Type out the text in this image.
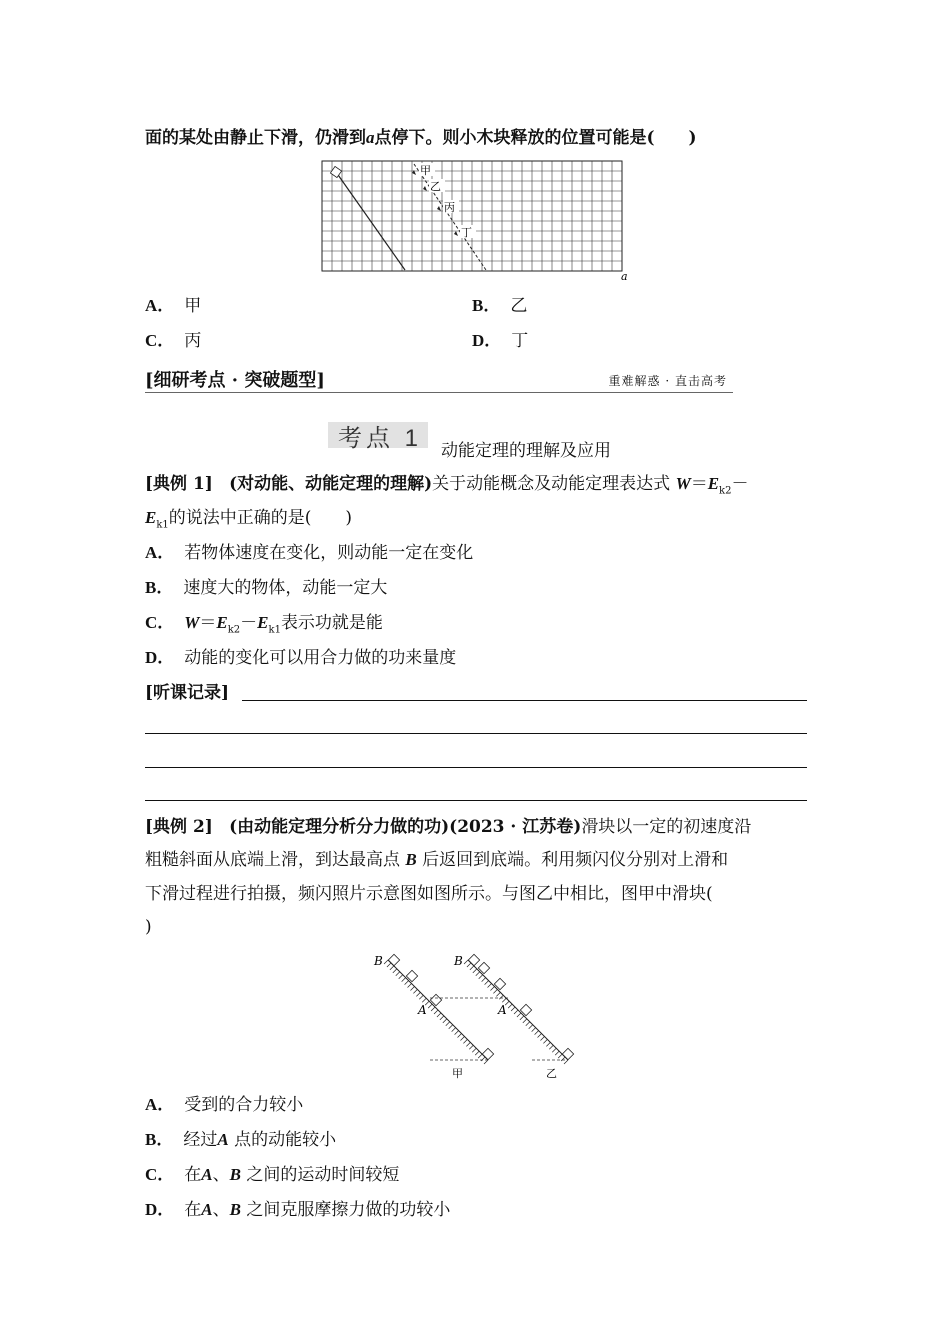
面的某处由静止下滑，仍滑到a点停下。则小木块释放的位置可能是(　　)
甲
乙
丙
丁
a
A． 甲	B． 乙
C． 丙	D． 丁
[细研考点 · 突破题型]	重难解惑 · 直击高考
考点 1 动能定理的理解及应用
[典例 1] (对动能、动能定理的理解)关于动能概念及动能定理表达式 $W=E_{k2}-$
$E_{k1}$的说法中正确的是(　　)
A． 若物体速度在变化，则动能一定在变化
B． 速度大的物体，动能一定大
C． $W=E_{k2}-E_{k1}$表示功就是能
D． 动能的变化可以用合力做的功来量度
[听课记录]
[典例 2] (由动能定理分析分力做的功)(2023 · 江苏卷)滑块以一定的初速度沿
粗糙斜面从底端上滑，到达最高点 B 后返回到底端。利用频闪仪分别对上滑和
下滑过程进行拍摄，频闪照片示意图如图所示。与图乙中相比，图甲中滑块(
)
B
A
甲
B
A
乙
A． 受到的合力较小
B． 经过A 点的动能较小
C． 在A、B 之间的运动时间较短
D． 在A、B 之间克服摩擦力做的功较小
